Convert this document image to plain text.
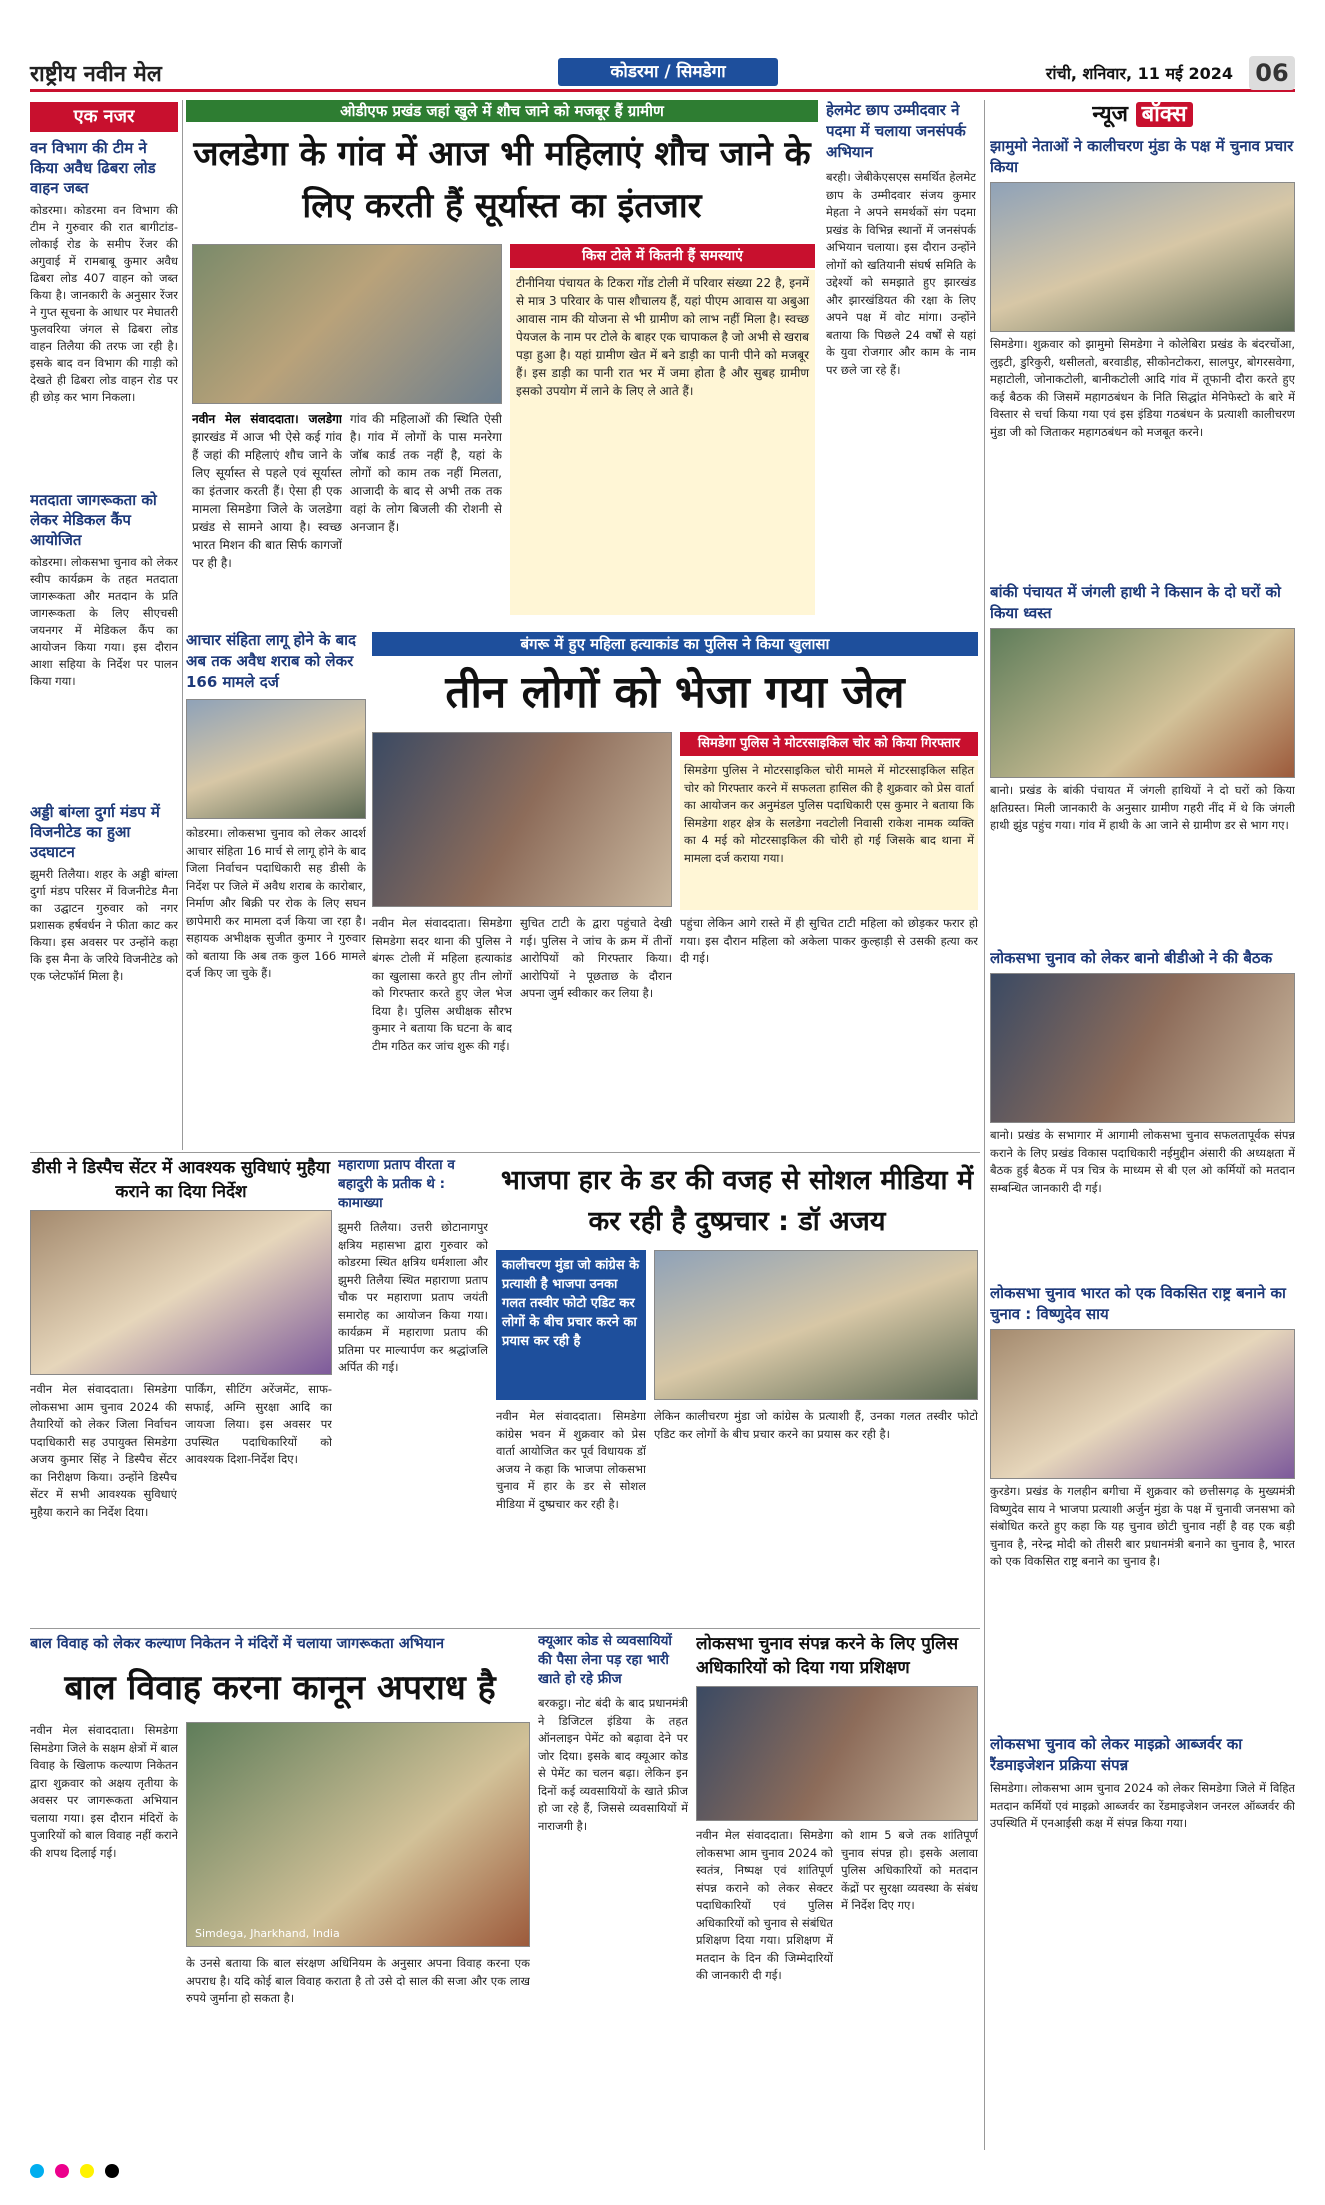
राष्ट्रीय नवीन मेल	कोडरमा / सिमडेगा	रांची, शनिवार, 11 मई 2024 06
एक नजर
वन विभाग की टीम ने किया अवैध ढिबरा लोड वाहन जब्त
कोडरमा। कोडरमा वन विभाग की टीम ने गुरुवार की रात बागीटांड-लोकाई रोड के समीप रेंजर की अगुवाई में रामबाबू कुमार अवैध ढिबरा लोड 407 वाहन को जब्त किया है। जानकारी के अनुसार रेंजर ने गुप्त सूचना के आधार पर मेघातरी फुलवरिया जंगल से ढिबरा लोड वाहन तिलैया की तरफ जा रही है। इसके बाद वन विभाग की गाड़ी को देखते ही ढिबरा लोड वाहन रोड पर ही छोड़ कर भाग निकला।
मतदाता जागरूकता को लेकर मेडिकल कैंप आयोजित
कोडरमा। लोकसभा चुनाव को लेकर स्वीप कार्यक्रम के तहत मतदाता जागरूकता और मतदान के प्रति जागरूकता के लिए सीएचसी जयनगर में मेडिकल कैंप का आयोजन किया गया। इस दौरान आशा सहिया के निर्देश पर पालन किया गया।
अड्डी बांग्ला दुर्गा मंडप में विजनीटेड का हुआ उदघाटन
झुमरी तिलैया। शहर के अड्डी बांग्ला दुर्गा मंडप परिसर में विजनीटेड मैना का उद्घाटन गुरुवार को नगर प्रशासक हर्षवर्धन ने फीता काट कर किया। इस अवसर पर उन्होंने कहा कि इस मैना के जरिये विजनीटेड को एक प्लेटफॉर्म मिला है।
ओडीएफ प्रखंड जहां खुले में शौच जाने को मजबूर हैं ग्रामीण
जलडेगा के गांव में आज भी महिलाएं शौच जाने के लिए करती हैं सूर्यास्त का इंतजार
किस टोले में कितनी हैं समस्याएं
टीनीनिया पंचायत के टिकरा गोंड टोली में परिवार संख्या 22 है, इनमें से मात्र 3 परिवार के पास शौचालय हैं, यहां पीएम आवास या अबुआ आवास नाम की योजना से भी ग्रामीण को लाभ नहीं मिला है। स्वच्छ पेयजल के नाम पर टोले के बाहर एक चापाकल है जो अभी से खराब पड़ा हुआ है। यहां ग्रामीण खेत में बने डाड़ी का पानी पीने को मजबूर हैं। इस डाड़ी का पानी रात भर में जमा होता है और सुबह ग्रामीण इसको उपयोग में लाने के लिए ले आते हैं।
नवीन मेल संवाददाता। जलडेगा झारखंड में आज भी ऐसे कई गांव हैं जहां की महिलाएं शौच जाने के लिए सूर्यास्त से पहले एवं सूर्यास्त का इंतजार करती हैं। ऐसा ही एक मामला सिमडेगा जिले के जलडेगा प्रखंड से सामने आया है। स्वच्छ भारत मिशन की बात सिर्फ कागजों पर ही है।
गांव की महिलाओं की स्थिति ऐसी है। गांव में लोगों के पास मनरेगा जॉब कार्ड तक नहीं है, यहां के लोगों को काम तक नहीं मिलता, आजादी के बाद से अभी तक तक वहां के लोग बिजली की रोशनी से अनजान हैं।
हेलमेट छाप उम्मीदवार ने पदमा में चलाया जनसंपर्क अभियान
बरही। जेबीकेएसएस समर्थित हेलमेट छाप के उम्मीदवार संजय कुमार मेहता ने अपने समर्थकों संग पदमा प्रखंड के विभिन्न स्थानों में जनसंपर्क अभियान चलाया। इस दौरान उन्होंने लोगों को खतियानी संघर्ष समिति के उद्देश्यों को समझाते हुए झारखंड और झारखंडियत की रक्षा के लिए अपने पक्ष में वोट मांगा। उन्होंने बताया कि पिछले 24 वर्षों से यहां के युवा रोजगार और काम के नाम पर छले जा रहे हैं।
न्यूज बॉक्स
झामुमो नेताओं ने कालीचरण मुंडा के पक्ष में चुनाव प्रचार किया
सिमडेगा। शुक्रवार को झामुमो सिमडेगा ने कोलेबिरा प्रखंड के बंदरचोंआ, लुइटी, डुरिकुरी, थसीलतो, बरवाडीह, सीकोनटोकरा, सालपुर, बोगरसवेगा, महाटोली, जोनाकटोली, बानीकटोली आदि गांव में तूफानी दौरा करते हुए कई बैठक की जिसमें महागठबंधन के निति सिद्धांत मेनिफेस्टो के बारे में विस्तार से चर्चा किया गया एवं इस इंडिया गठबंधन के प्रत्याशी कालीचरण मुंडा जी को जिताकर महागठबंधन को मजबूत करने।
बांकी पंचायत में जंगली हाथी ने किसान के दो घरों को किया ध्वस्त
बानो। प्रखंड के बांकी पंचायत में जंगली हाथियों ने दो घरों को किया क्षतिग्रस्त। मिली जानकारी के अनुसार ग्रामीण गहरी नींद में थे कि जंगली हाथी झुंड पहुंच गया। गांव में हाथी के आ जाने से ग्रामीण डर से भाग गए।
लोकसभा चुनाव को लेकर बानो बीडीओ ने की बैठक
बानो। प्रखंड के सभागार में आगामी लोकसभा चुनाव सफलतापूर्वक संपन्न कराने के लिए प्रखंड विकास पदाधिकारी नईमुद्दीन अंसारी की अध्यक्षता में बैठक हुई बैठक में पत्र चित्र के माध्यम से बी एल ओ कर्मियों को मतदान सम्बन्धित जानकारी दी गई।
लोकसभा चुनाव भारत को एक विकसित राष्ट्र बनाने का चुनाव : विष्णुदेव साय
कुरडेग। प्रखंड के गलहीन बगीचा में शुक्रवार को छत्तीसगढ़ के मुख्यमंत्री विष्णुदेव साय ने भाजपा प्रत्याशी अर्जुन मुंडा के पक्ष में चुनावी जनसभा को संबोधित करते हुए कहा कि यह चुनाव छोटी चुनाव नहीं है वह एक बड़ी चुनाव है, नरेन्द्र मोदी को तीसरी बार प्रधानमंत्री बनाने का चुनाव है, भारत को एक विकसित राष्ट्र बनाने का चुनाव है।
लोकसभा चुनाव को लेकर माइक्रो आब्जर्वर का रैंडमाइजेशन प्रक्रिया संपन्न
सिमडेगा। लोकसभा आम चुनाव 2024 को लेकर सिमडेगा जिले में विहित मतदान कर्मियों एवं माइक्रो आब्जर्वर का रेंडमाइजेशन जनरल ऑब्जर्वर की उपस्थिति में एनआईसी कक्ष में संपन्न किया गया।
आचार संहिता लागू होने के बाद अब तक अवैध शराब को लेकर 166 मामले दर्ज
कोडरमा। लोकसभा चुनाव को लेकर आदर्श आचार संहिता 16 मार्च से लागू होने के बाद जिला निर्वाचन पदाधिकारी सह डीसी के निर्देश पर जिले में अवैध शराब के कारोबार, निर्माण और बिक्री पर रोक के लिए सघन छापेमारी कर मामला दर्ज किया जा रहा है। सहायक अभीक्षक सुजीत कुमार ने गुरुवार को बताया कि अब तक कुल 166 मामले दर्ज किए जा चुके हैं।
बंगरू में हुए महिला हत्याकांड का पुलिस ने किया खुलासा
तीन लोगों को भेजा गया जेल
नवीन मेल संवाददाता। सिमडेगा सिमडेगा सदर थाना की पुलिस ने बंगरू टोली में महिला हत्याकांड का खुलासा करते हुए तीन लोगों को गिरफ्तार करते हुए जेल भेज दिया है। पुलिस अधीक्षक सौरभ कुमार ने बताया कि घटना के बाद टीम गठित कर जांच शुरू की गई।
सुचित टाटी के द्वारा पहुंचाते देखी गई। पुलिस ने जांच के क्रम में तीनों आरोपियों को गिरफ्तार किया। आरोपियों ने पूछताछ के दौरान अपना जुर्म स्वीकार कर लिया है।
सिमडेगा पुलिस ने मोटरसाइकिल चोर को किया गिरफ्तार
सिमडेगा पुलिस ने मोटरसाइकिल चोरी मामले में मोटरसाइकिल सहित चोर को गिरफ्तार करने में सफलता हासिल की है शुक्रवार को प्रेस वार्ता का आयोजन कर अनुमंडल पुलिस पदाधिकारी एस कुमार ने बताया कि सिमडेगा शहर क्षेत्र के सलडेगा नवटोली निवासी राकेश नामक व्यक्ति का 4 मई को मोटरसाइकिल की चोरी हो गई जिसके बाद थाना में मामला दर्ज कराया गया।
पहुंचा लेकिन आगे रास्ते में ही सुचित टाटी महिला को छोड़कर फरार हो गया। इस दौरान महिला को अकेला पाकर कुल्हाड़ी से उसकी हत्या कर दी गई।
डीसी ने डिस्पैच सेंटर में आवश्यक सुविधाएं मुहैया कराने का दिया निर्देश
नवीन मेल संवाददाता। सिमडेगा लोकसभा आम चुनाव 2024 की तैयारियों को लेकर जिला निर्वाचन पदाधिकारी सह उपायुक्त सिमडेगा अजय कुमार सिंह ने डिस्पैच सेंटर का निरीक्षण किया। उन्होंने डिस्पैच सेंटर में सभी आवश्यक सुविधाएं मुहैया कराने का निर्देश दिया।
पार्किंग, सीटिंग अरेंजमेंट, साफ-सफाई, अग्नि सुरक्षा आदि का जायजा लिया। इस अवसर पर उपस्थित पदाधिकारियों को आवश्यक दिशा-निर्देश दिए।
महाराणा प्रताप वीरता व बहादुरी के प्रतीक थे : कामाख्या
झुमरी तिलैया। उत्तरी छोटानागपुर क्षत्रिय महासभा द्वारा गुरुवार को कोडरमा स्थित क्षत्रिय धर्मशाला और झुमरी तिलैया स्थित महाराणा प्रताप चौक पर महाराणा प्रताप जयंती समारोह का आयोजन किया गया। कार्यक्रम में महाराणा प्रताप की प्रतिमा पर माल्यार्पण कर श्रद्धांजलि अर्पित की गई।
भाजपा हार के डर की वजह से सोशल मीडिया में कर रही है दुष्प्रचार : डॉ अजय
कालीचरण मुंडा जो कांग्रेस के प्रत्याशी है भाजपा उनका गलत तस्वीर फोटो एडिट कर लोगों के बीच प्रचार करने का प्रयास कर रही है
नवीन मेल संवाददाता। सिमडेगा कांग्रेस भवन में शुक्रवार को प्रेस वार्ता आयोजित कर पूर्व विधायक डॉ अजय ने कहा कि भाजपा लोकसभा चुनाव में हार के डर से सोशल मीडिया में दुष्प्रचार कर रही है।
लेकिन कालीचरण मुंडा जो कांग्रेस के प्रत्याशी हैं, उनका गलत तस्वीर फोटो एडिट कर लोगों के बीच प्रचार करने का प्रयास कर रही है।
बाल विवाह को लेकर कल्याण निकेतन ने मंदिरों में चलाया जागरूकता अभियान
बाल विवाह करना कानून अपराध है
नवीन मेल संवाददाता। सिमडेगा सिमडेगा जिले के सक्षम क्षेत्रों में बाल विवाह के खिलाफ कल्याण निकेतन द्वारा शुक्रवार को अक्षय तृतीया के अवसर पर जागरूकता अभियान चलाया गया। इस दौरान मंदिरों के पुजारियों को बाल विवाह नहीं कराने की शपथ दिलाई गई।
Simdega, Jharkhand, India
के उनसे बताया कि बाल संरक्षण अधिनियम के अनुसार अपना विवाह करना एक अपराध है। यदि कोई बाल विवाह कराता है तो उसे दो साल की सजा और एक लाख रुपये जुर्माना हो सकता है।
क्यूआर कोड से व्यवसायियों की पैसा लेना पड़ रहा भारी खाते हो रहे फ्रीज
बरकट्ठा। नोट बंदी के बाद प्रधानमंत्री ने डिजिटल इंडिया के तहत ऑनलाइन पेमेंट को बढ़ावा देने पर जोर दिया। इसके बाद क्यूआर कोड से पेमेंट का चलन बढ़ा। लेकिन इन दिनों कई व्यवसायियों के खाते फ्रीज हो जा रहे हैं, जिससे व्यवसायियों में नाराजगी है।
लोकसभा चुनाव संपन्न करने के लिए पुलिस अधिकारियों को दिया गया प्रशिक्षण
नवीन मेल संवाददाता। सिमडेगा लोकसभा आम चुनाव 2024 को स्वतंत्र, निष्पक्ष एवं शांतिपूर्ण संपन्न कराने को लेकर सेक्टर पदाधिकारियों एवं पुलिस अधिकारियों को चुनाव से संबंधित प्रशिक्षण दिया गया। प्रशिक्षण में मतदान के दिन की जिम्मेदारियों की जानकारी दी गई।
को शाम 5 बजे तक शांतिपूर्ण चुनाव संपन्न हो। इसके अलावा पुलिस अधिकारियों को मतदान केंद्रों पर सुरक्षा व्यवस्था के संबंध में निर्देश दिए गए।
